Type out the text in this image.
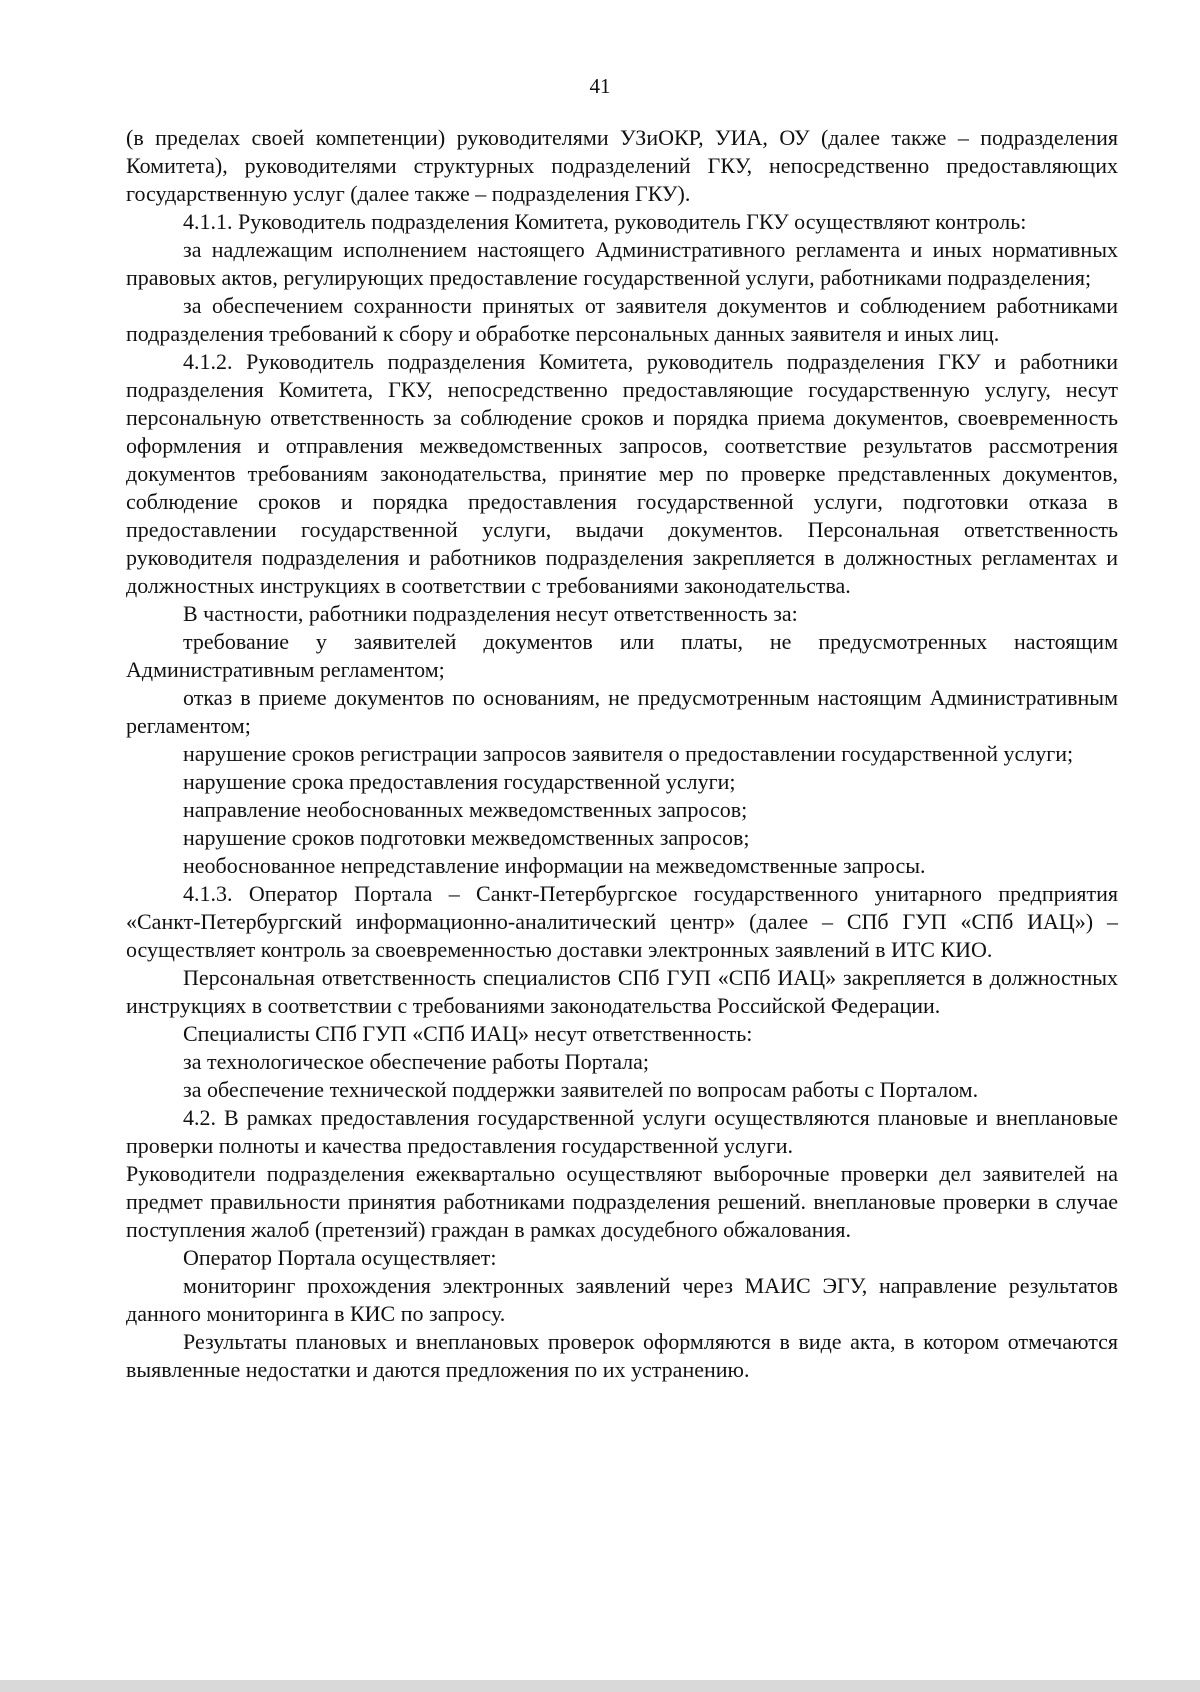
41

(в пределах своей компетенции) руководителями УЗиОКР, УИА, ОУ (далее также – подразделения Комитета), руководителями структурных подразделений ГКУ, непосредственно предоставляющих государственную услуг (далее также – подразделения ГКУ).

4.1.1. Руководитель подразделения Комитета, руководитель ГКУ осуществляют контроль:

за надлежащим исполнением настоящего Административного регламента и иных нормативных правовых актов, регулирующих предоставление государственной услуги, работниками подразделения;

за обеспечением сохранности принятых от заявителя документов и соблюдением работниками подразделения требований к сбору и обработке персональных данных заявителя и иных лиц.

4.1.2. Руководитель подразделения Комитета, руководитель подразделения ГКУ и работники подразделения Комитета, ГКУ, непосредственно предоставляющие государственную услугу, несут персональную ответственность за соблюдение сроков и порядка приема документов, своевременность оформления и отправления межведомственных запросов, соответствие результатов рассмотрения документов требованиям законодательства, принятие мер по проверке представленных документов, соблюдение сроков и порядка предоставления государственной услуги, подготовки отказа в предоставлении государственной услуги, выдачи документов. Персональная ответственность руководителя подразделения и работников подразделения закрепляется в должностных регламентах и должностных инструкциях в соответствии с требованиями законодательства.

В частности, работники подразделения несут ответственность за:

требование у заявителей документов или платы, не предусмотренных настоящим Административным регламентом;

отказ в приеме документов по основаниям, не предусмотренным настоящим Административным регламентом;

нарушение сроков регистрации запросов заявителя о предоставлении государственной услуги;

нарушение срока предоставления государственной услуги;

направление необоснованных межведомственных запросов;

нарушение сроков подготовки межведомственных запросов;

необоснованное непредставление информации на межведомственные запросы.

4.1.3. Оператор Портала – Санкт-Петербургское государственного унитарного предприятия «Санкт-Петербургский информационно-аналитический центр» (далее – СПб ГУП «СПб ИАЦ») – осуществляет контроль за своевременностью доставки электронных заявлений в ИТС КИО.

Персональная ответственность специалистов СПб ГУП «СПб ИАЦ» закрепляется в должностных инструкциях в соответствии с требованиями законодательства Российской Федерации.

Специалисты СПб ГУП «СПб ИАЦ» несут ответственность:

за технологическое обеспечение работы Портала;

за обеспечение технической поддержки заявителей по вопросам работы с Порталом.

4.2. В рамках предоставления государственной услуги осуществляются плановые и внеплановые проверки полноты и качества предоставления государственной услуги.

Руководители подразделения ежеквартально осуществляют выборочные проверки дел заявителей на предмет правильности принятия работниками подразделения решений. внеплановые проверки в случае поступления жалоб (претензий) граждан в рамках досудебного обжалования.

Оператор Портала осуществляет:

мониторинг прохождения электронных заявлений через МАИС ЭГУ, направление результатов данного мониторинга в КИС по запросу.

Результаты плановых и внеплановых проверок оформляются в виде акта, в котором отмечаются выявленные недостатки и даются предложения по их устранению.
